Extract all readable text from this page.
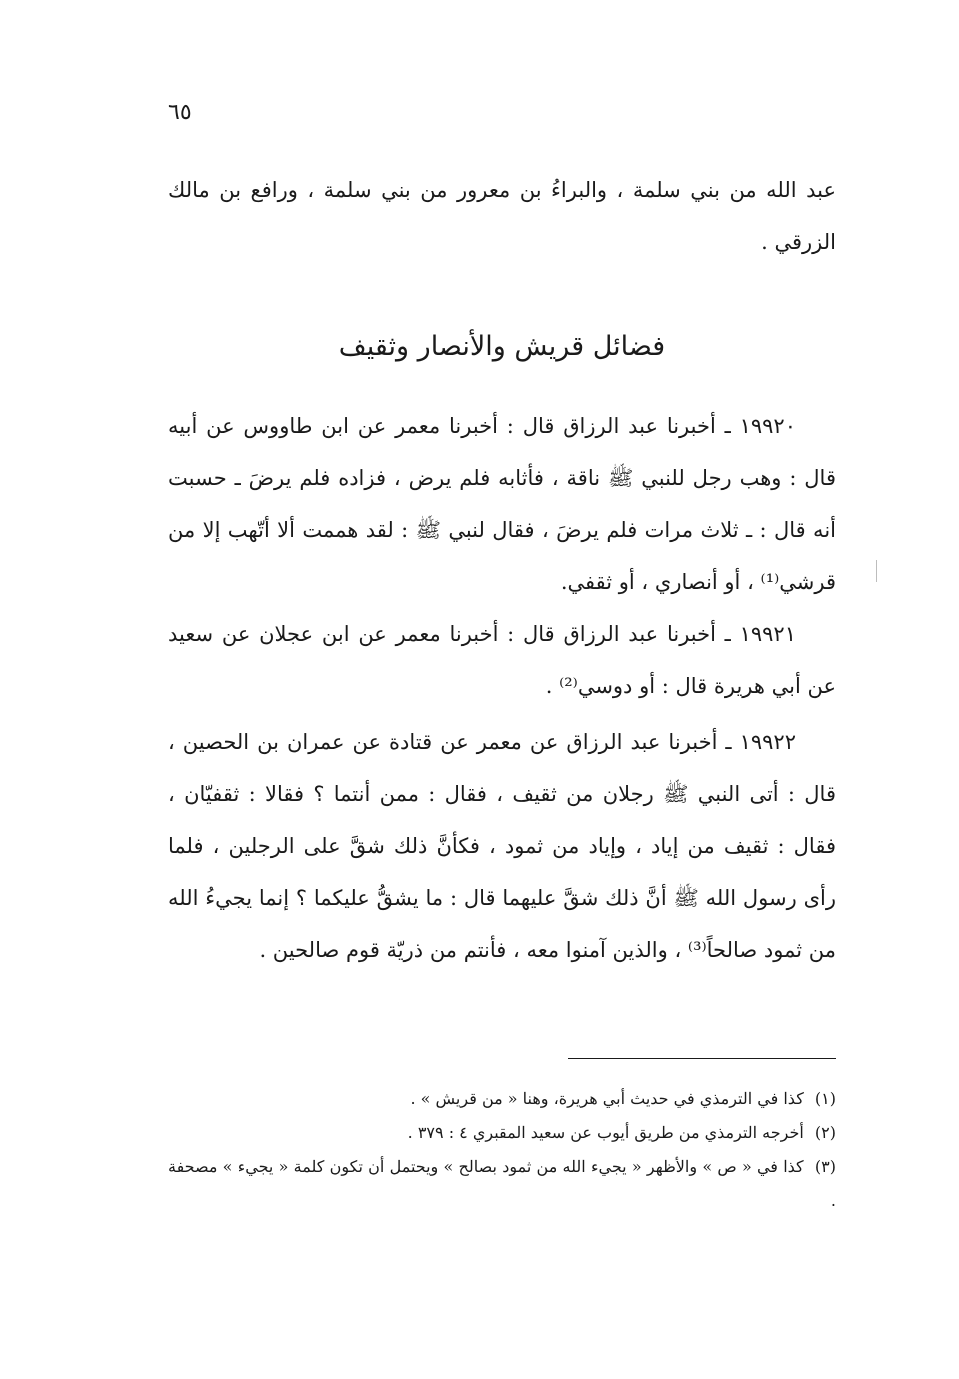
٦٥

عبد الله من بني سلمة ، والبراءُ بن معرور من بني سلمة ، ورافع بن مالك الزرقي .

فضائل قريش والأنصار وثقيف

١٩٩٢٠ ـ أخبرنا عبد الرزاق قال : أخبرنا معمر عن ابن طاووس عن أبيه قال : وهب رجل للنبي ﷺ ناقة ، فأثابه فلم يرض ، فزاده فلم يرضَ ـ حسبت أنه قال : ـ ثلاث مرات فلم يرضَ ، فقال لنبي ﷺ : لقد هممت ألا أتّهب إلا من قرشي⁽¹⁾ ، أو أنصاري ، أو ثقفي.

١٩٩٢١ ـ أخبرنا عبد الرزاق قال : أخبرنا معمر عن ابن عجلان عن سعيد عن أبي هريرة قال : أو دوسي⁽²⁾ .

١٩٩٢٢ ـ أخبرنا عبد الرزاق عن معمر عن قتادة عن عمران بن الحصين ، قال : أتى النبي ﷺ رجلان من ثقيف ، فقال : ممن أنتما ؟ فقالا : ثقفيّان ، فقال : ثقيف من إياد ، وإياد من ثمود ، فكأنَّ ذلك شقَّ على الرجلين ، فلما رأى رسول الله ﷺ أنَّ ذلك شقَّ عليهما قال : ما يشقُّ عليكما ؟ إنما يجيءُ الله من ثمود صالحاً⁽³⁾ ، والذين آمنوا معه ، فأنتم من ذريّة قوم صالحين .

(١) كذا في الترمذي في حديث أبي هريرة، وهنا « من قريش » .

(٢) أخرجه الترمذي من طريق أيوب عن سعيد المقبري ٤ : ٣٧٩ .

(٣) كذا في « ص » والأظهر « يجيء الله من ثمود بصالح » ويحتمل أن تكون كلمة « يجيء » مصحفة .
